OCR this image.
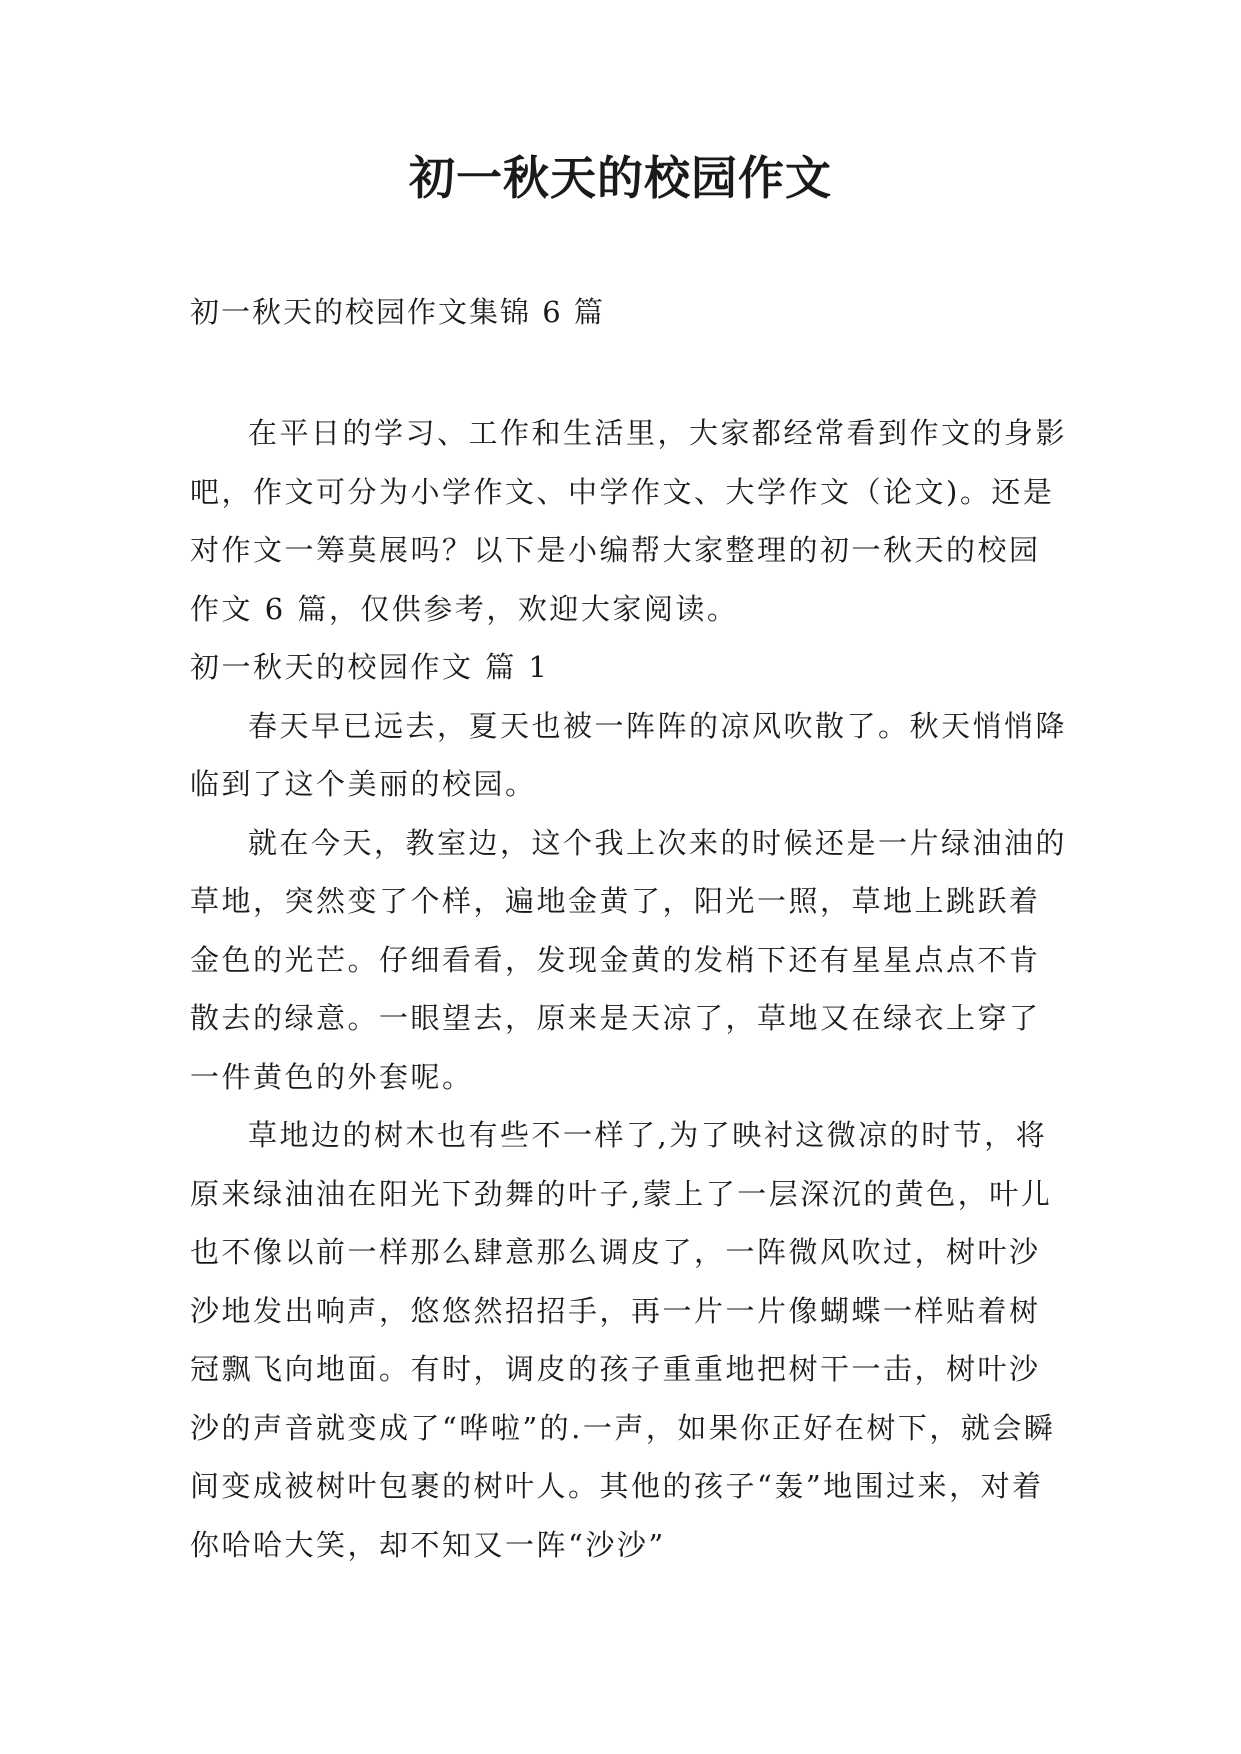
初一秋天的校园作文
初一秋天的校园作文集锦 6 篇

在平日的学习、工作和生活里，大家都经常看到作文的身影吧，作文可分为小学作文、中学作文、大学作文（论文)。还是对作文一筹莫展吗？以下是小编帮大家整理的初一秋天的校园作文 6 篇，仅供参考，欢迎大家阅读。

初一秋天的校园作文 篇 1

春天早已远去，夏天也被一阵阵的凉风吹散了。秋天悄悄降临到了这个美丽的校园。

就在今天，教室边，这个我上次来的时候还是一片绿油油的草地，突然变了个样，遍地金黄了，阳光一照，草地上跳跃着金色的光芒。仔细看看，发现金黄的发梢下还有星星点点不肯散去的绿意。一眼望去，原来是天凉了，草地又在绿衣上穿了一件黄色的外套呢。

草地边的树木也有些不一样了,为了映衬这微凉的时节，将原来绿油油在阳光下劲舞的叶子,蒙上了一层深沉的黄色，叶儿也不像以前一样那么肆意那么调皮了，一阵微风吹过，树叶沙沙地发出响声，悠悠然招招手，再一片一片像蝴蝶一样贴着树冠飘飞向地面。有时，调皮的孩子重重地把树干一击，树叶沙沙的声音就变成了“哗啦”的.一声，如果你正好在树下，就会瞬间变成被树叶包裹的树叶人。其他的孩子“轰”地围过来，对着你哈哈大笑，却不知又一阵“沙沙”
